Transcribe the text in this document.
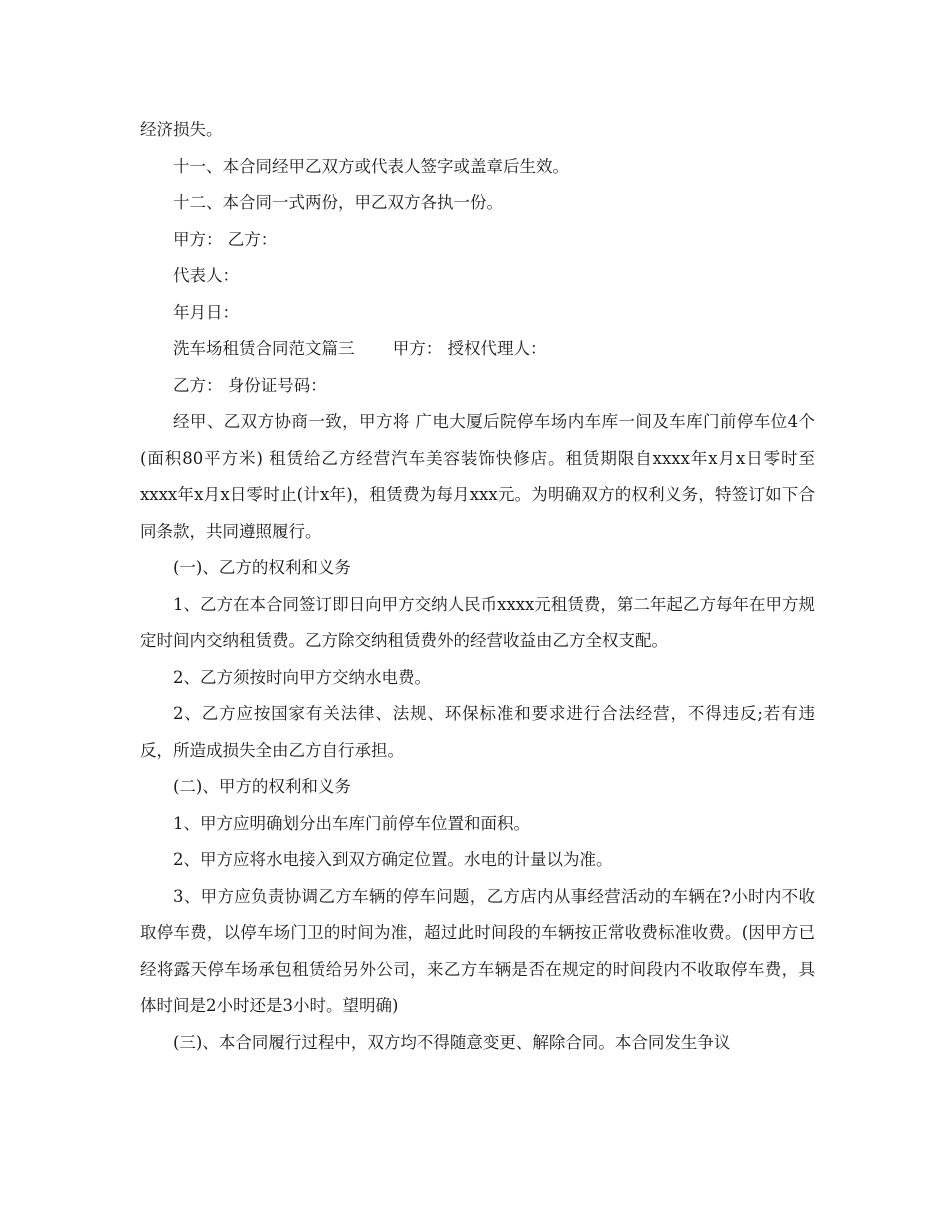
经济损失。

十一、本合同经甲乙双方或代表人签字或盖章后生效。

十二、本合同一式两份，甲乙双方各执一份。

甲方： 乙方：

代表人：

年月日：

洗车场租赁合同范文篇三　　 甲方： 授权代理人：

乙方： 身份证号码：

经甲、乙双方协商一致，甲方将 广电大厦后院停车场内车库一间及车库门前停车位4个(面积80平方米) 租赁给乙方经营汽车美容装饰快修店。租赁期限自xxxx年x月x日零时至xxxx年x月x日零时止(计x年)，租赁费为每月xxx元。为明确双方的权利义务，特签订如下合同条款，共同遵照履行。

(一)、乙方的权利和义务

1、乙方在本合同签订即日向甲方交纳人民币xxxx元租赁费，第二年起乙方每年在甲方规定时间内交纳租赁费。乙方除交纳租赁费外的经营收益由乙方全权支配。

2、乙方须按时向甲方交纳水电费。

2、乙方应按国家有关法律、法规、环保标准和要求进行合法经营，不得违反;若有违反，所造成损失全由乙方自行承担。

(二)、甲方的权利和义务

1、甲方应明确划分出车库门前停车位置和面积。

2、甲方应将水电接入到双方确定位置。水电的计量以为准。

3、甲方应负责协调乙方车辆的停车问题，乙方店内从事经营活动的车辆在?小时内不收取停车费，以停车场门卫的时间为准，超过此时间段的车辆按正常收费标准收费。(因甲方已经将露天停车场承包租赁给另外公司，来乙方车辆是否在规定的时间段内不收取停车费，具体时间是2小时还是3小时。望明确)

(三)、本合同履行过程中，双方均不得随意变更、解除合同。本合同发生争议
